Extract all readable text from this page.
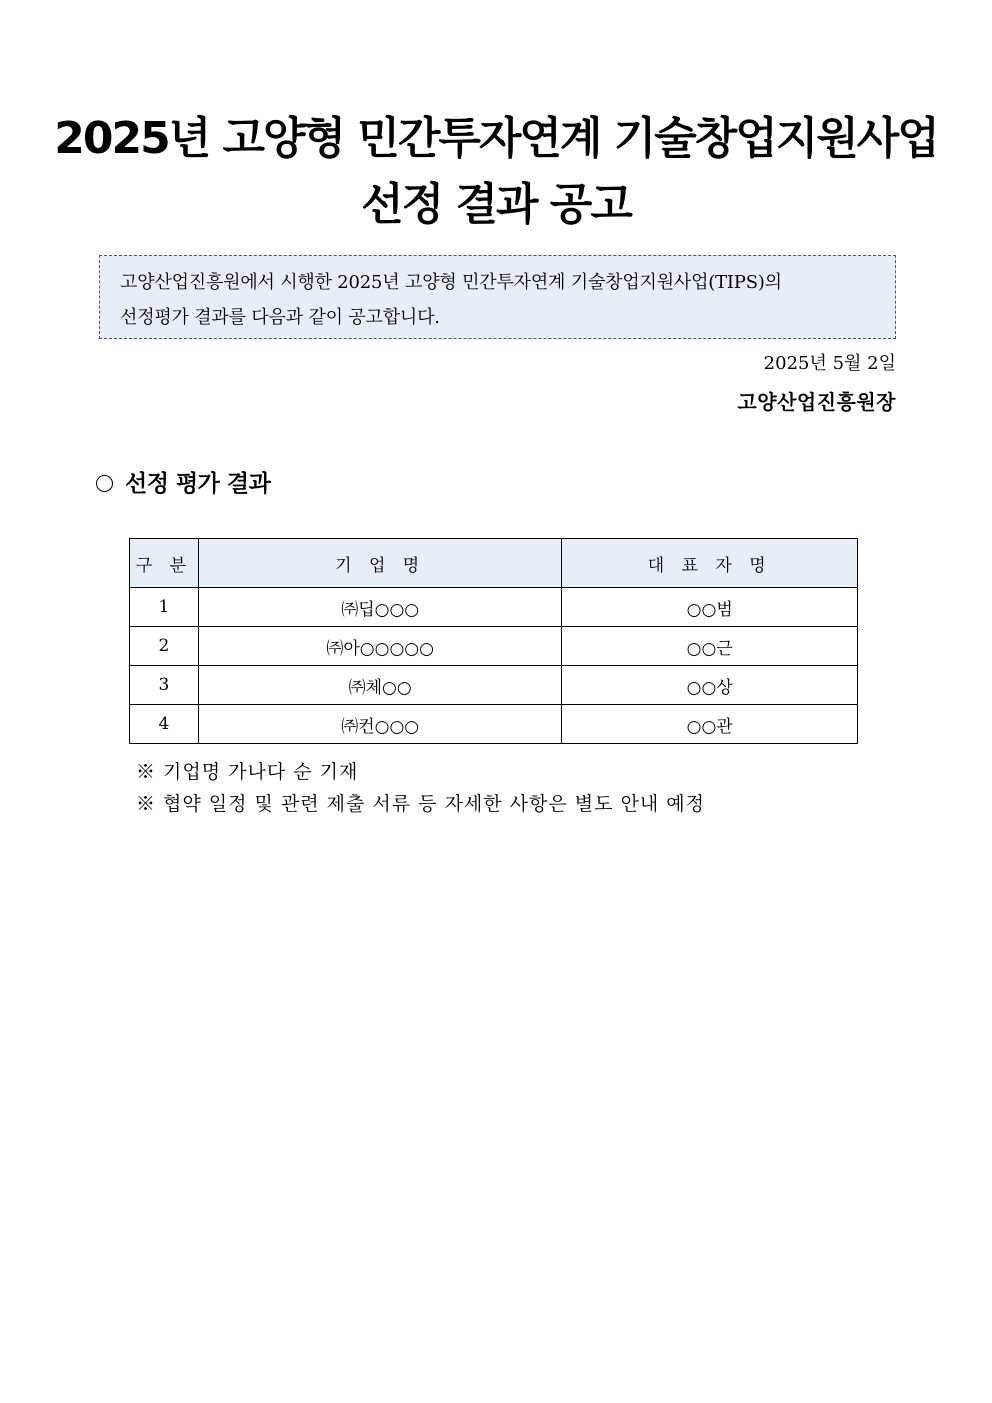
2025년 고양형 민간투자연계 기술창업지원사업
선정 결과 공고
고양산업진흥원에서 시행한 2025년 고양형 민간투자연계 기술창업지원사업(TIPS)의
선정평가 결과를 다음과 같이 공고합니다.
2025년 5월 2일
고양산업진흥원장
선정 평가 결과
구 분	기 업 명	대 표 자 명
1	㈜딥○○○	○○범
2	㈜아○○○○○	○○근
3	㈜체○○	○○상
4	㈜컨○○○	○○관
※ 기업명 가나다 순 기재
※ 협약 일정 및 관련 제출 서류 등 자세한 사항은 별도 안내 예정
